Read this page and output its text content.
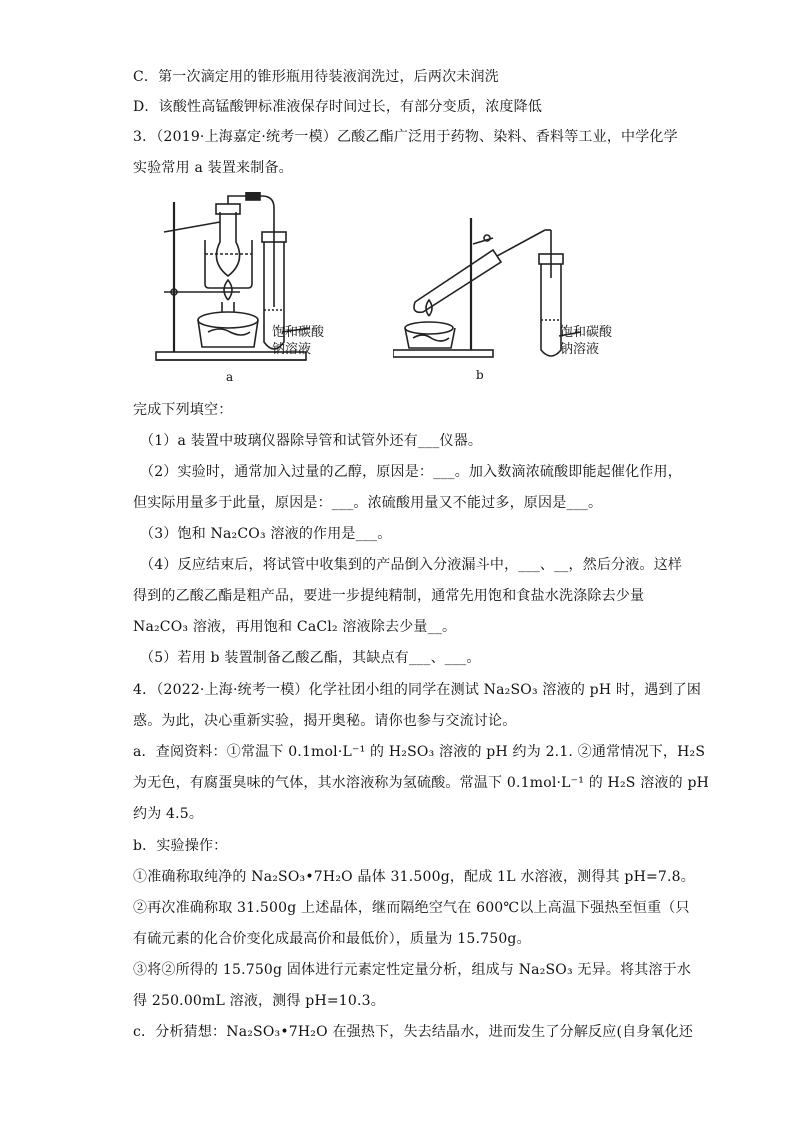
C．第一次滴定用的锥形瓶用待装液润洗过，后两次未润洗
D．该酸性高锰酸钾标准液保存时间过长，有部分变质，浓度降低
3．（2019·上海嘉定·统考一模）乙酸乙酯广泛用于药物、染料、香料等工业，中学化学
实验常用 a 装置来制备。
饱和碳酸
钠溶液
a
饱和碳酸
钠溶液
b
完成下列填空：
（1）a 装置中玻璃仪器除导管和试管外还有___仪器。
（2）实验时，通常加入过量的乙醇，原因是：___。加入数滴浓硫酸即能起催化作用，
但实际用量多于此量，原因是：___。浓硫酸用量又不能过多，原因是___。
（3）饱和 Na₂CO₃ 溶液的作用是___。
（4）反应结束后，将试管中收集到的产品倒入分液漏斗中，___、__，然后分液。这样
得到的乙酸乙酯是粗产品，要进一步提纯精制，通常先用饱和食盐水洗涤除去少量
Na₂CO₃ 溶液，再用饱和 CaCl₂ 溶液除去少量__。
（5）若用 b 装置制备乙酸乙酯，其缺点有___、___。
4．（2022·上海·统考一模）化学社团小组的同学在测试 Na₂SO₃ 溶液的 pH 时，遇到了困
惑。为此，决心重新实验，揭开奥秘。请你也参与交流讨论。
a．查阅资料：①常温下 0.1mol·L⁻¹ 的 H₂SO₃ 溶液的 pH 约为 2.1. ②通常情况下，H₂S
为无色，有腐蛋臭味的气体，其水溶液称为氢硫酸。常温下 0.1mol·L⁻¹ 的 H₂S 溶液的 pH
约为 4.5。
b．实验操作：
①准确称取纯净的 Na₂SO₃•7H₂O 晶体 31.500g，配成 1L 水溶液，测得其 pH=7.8。
②再次准确称取 31.500g 上述晶体，继而隔绝空气在 600℃以上高温下强热至恒重（只
有硫元素的化合价变化成最高价和最低价），质量为 15.750g。
③将②所得的 15.750g 固体进行元素定性定量分析，组成与 Na₂SO₃ 无异。将其溶于水
得 250.00mL 溶液，测得 pH=10.3。
c．分析猜想：Na₂SO₃•7H₂O 在强热下，失去结晶水，进而发生了分解反应(自身氧化还
